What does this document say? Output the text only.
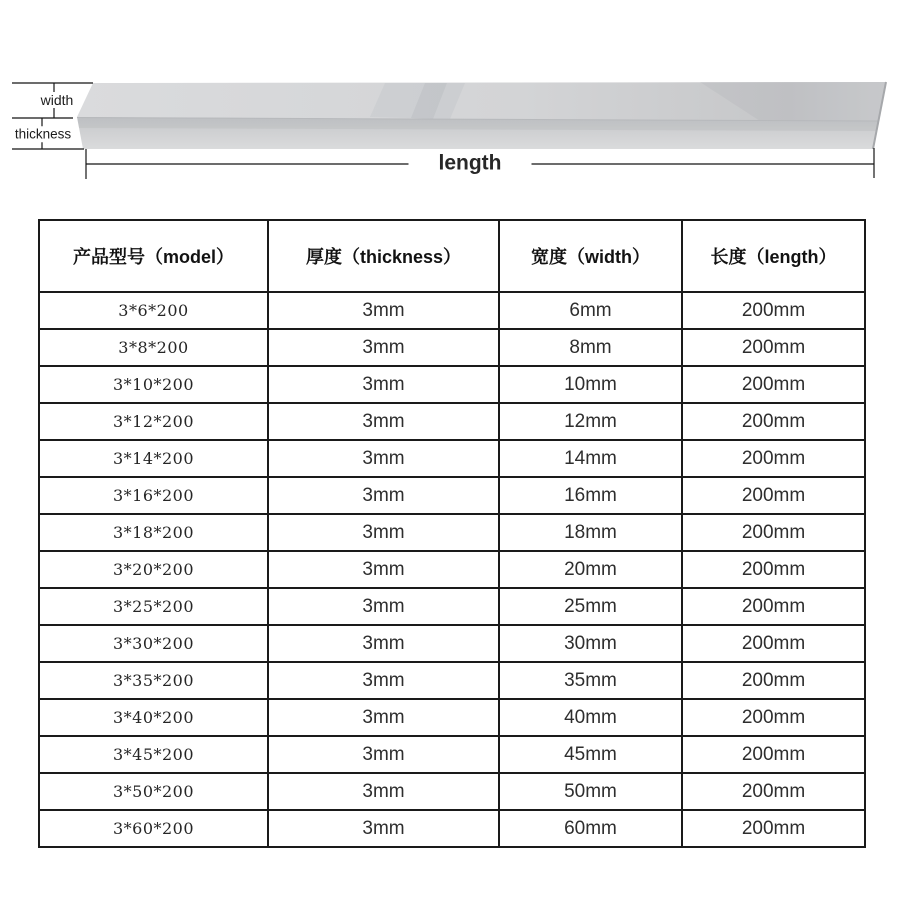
width
thickness
length
产品型号（model）	厚度（thickness）	宽度（width）	长度（length）
3*6*200	3mm	6mm	200mm
3*8*200	3mm	8mm	200mm
3*10*200	3mm	10mm	200mm
3*12*200	3mm	12mm	200mm
3*14*200	3mm	14mm	200mm
3*16*200	3mm	16mm	200mm
3*18*200	3mm	18mm	200mm
3*20*200	3mm	20mm	200mm
3*25*200	3mm	25mm	200mm
3*30*200	3mm	30mm	200mm
3*35*200	3mm	35mm	200mm
3*40*200	3mm	40mm	200mm
3*45*200	3mm	45mm	200mm
3*50*200	3mm	50mm	200mm
3*60*200	3mm	60mm	200mm
